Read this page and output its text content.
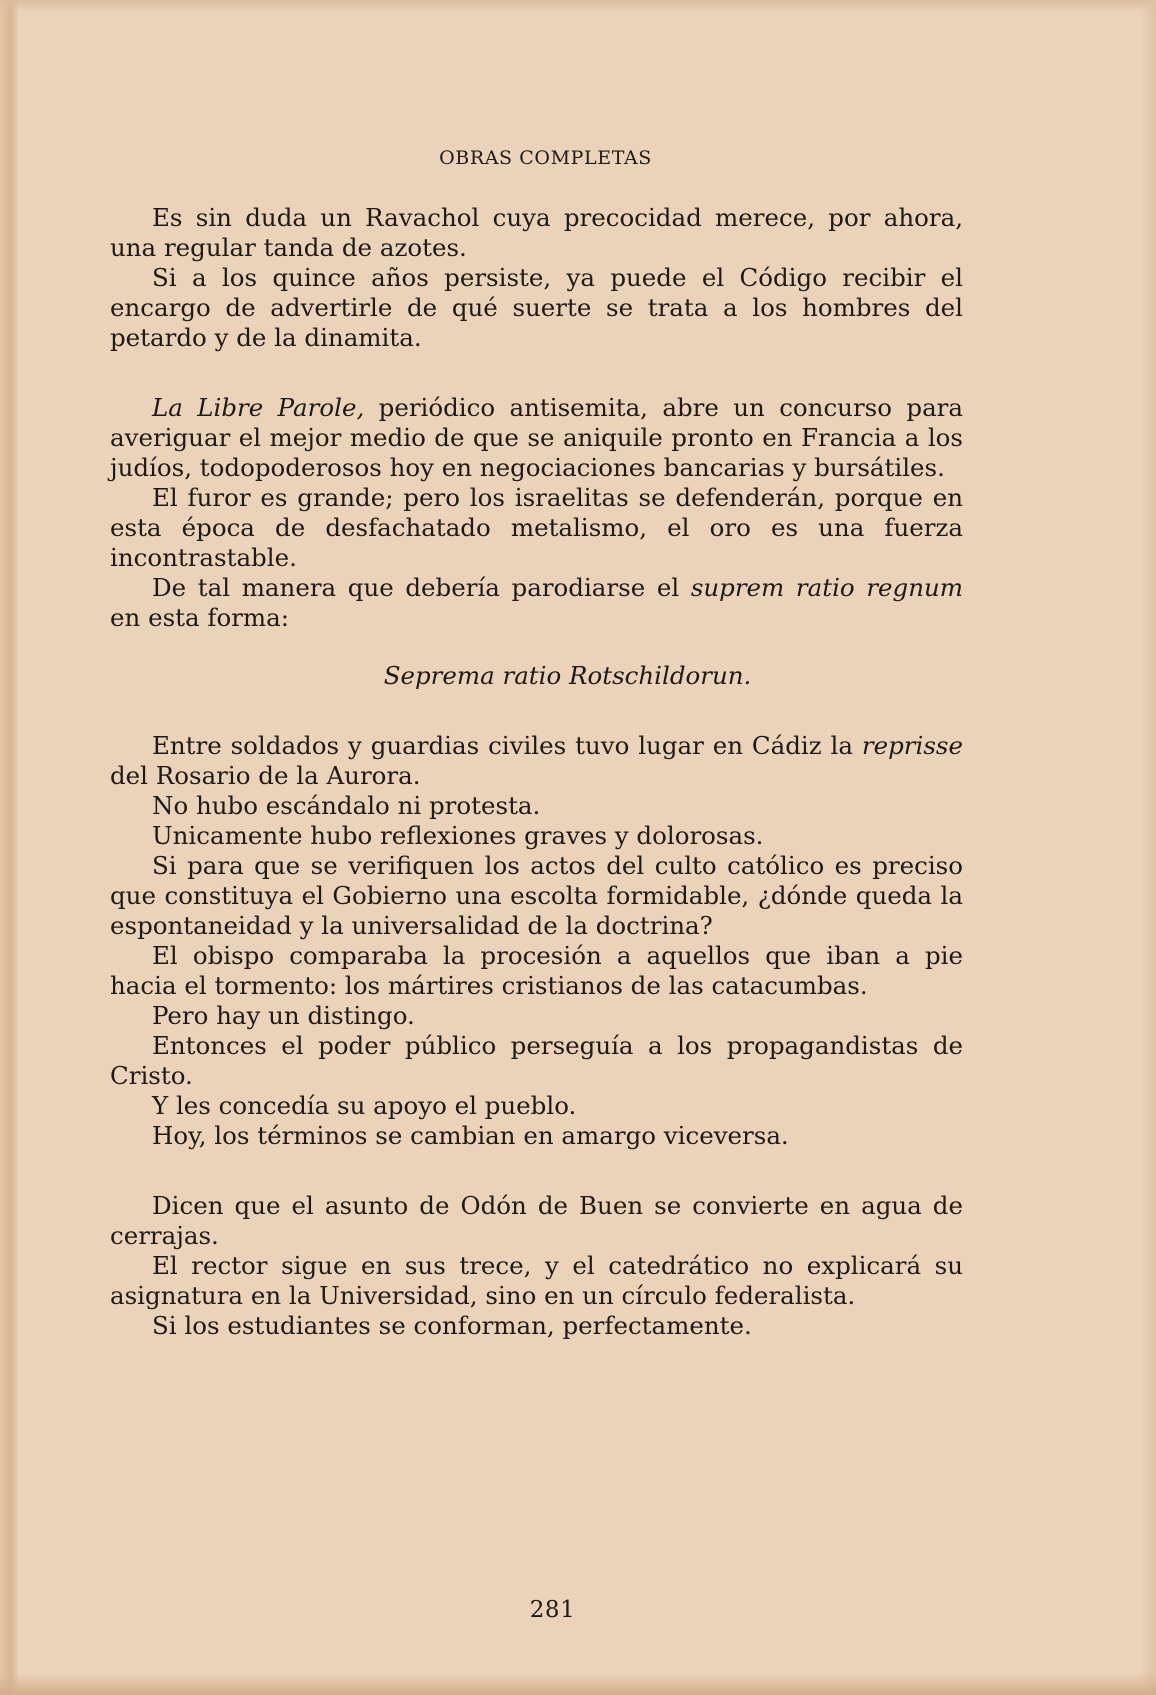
OBRAS COMPLETAS

Es sin duda un Ravachol cuya precocidad merece, por ahora, una regular tanda de azotes.

Si a los quince años persiste, ya puede el Código recibir el encargo de advertirle de qué suerte se trata a los hombres del petardo y de la dinamita.

La Libre Parole, periódico antisemita, abre un concurso para averiguar el mejor medio de que se aniquile pronto en Francia a los judíos, todopoderosos hoy en negociaciones bancarias y bursátiles.

El furor es grande; pero los israelitas se defenderán, porque en esta época de desfachatado metalismo, el oro es una fuerza incontrastable.

De tal manera que debería parodiarse el suprem ratio regnum en esta forma:

Seprema ratio Rotschildorun.

Entre soldados y guardias civiles tuvo lugar en Cádiz la reprisse del Rosario de la Aurora.

No hubo escándalo ni protesta.

Unicamente hubo reflexiones graves y dolorosas.

Si para que se verifiquen los actos del culto católico es preciso que constituya el Gobierno una escolta formidable, ¿dónde queda la espontaneidad y la universalidad de la doctrina?

El obispo comparaba la procesión a aquellos que iban a pie hacia el tormento: los mártires cristianos de las catacumbas.

Pero hay un distingo.

Entonces el poder público perseguía a los propagandistas de Cristo.

Y les concedía su apoyo el pueblo.

Hoy, los términos se cambian en amargo viceversa.

Dicen que el asunto de Odón de Buen se convierte en agua de cerrajas.

El rector sigue en sus trece, y el catedrático no explicará su asignatura en la Universidad, sino en un círculo federalista.

Si los estudiantes se conforman, perfectamente.

281
